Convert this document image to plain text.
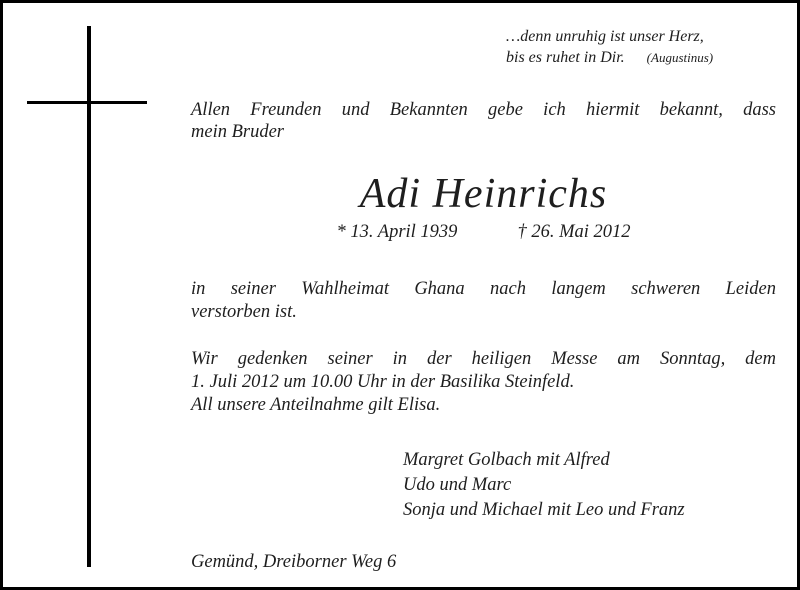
…denn unruhig ist unser Herz,
bis es ruhet in Dir. (Augustinus)
Allen Freunden und Bekannten gebe ich hiermit bekannt, dass
mein Bruder
Adi Heinrichs
* 13. April 1939	† 26. Mai 2012
in seiner Wahlheimat Ghana nach langem schweren Leiden
verstorben ist.
Wir gedenken seiner in der heiligen Messe am Sonntag, dem
1. Juli 2012 um 10.00 Uhr in der Basilika Steinfeld.
All unsere Anteilnahme gilt Elisa.
Margret Golbach mit Alfred
Udo und Marc
Sonja und Michael mit Leo und Franz
Gemünd, Dreiborner Weg 6
